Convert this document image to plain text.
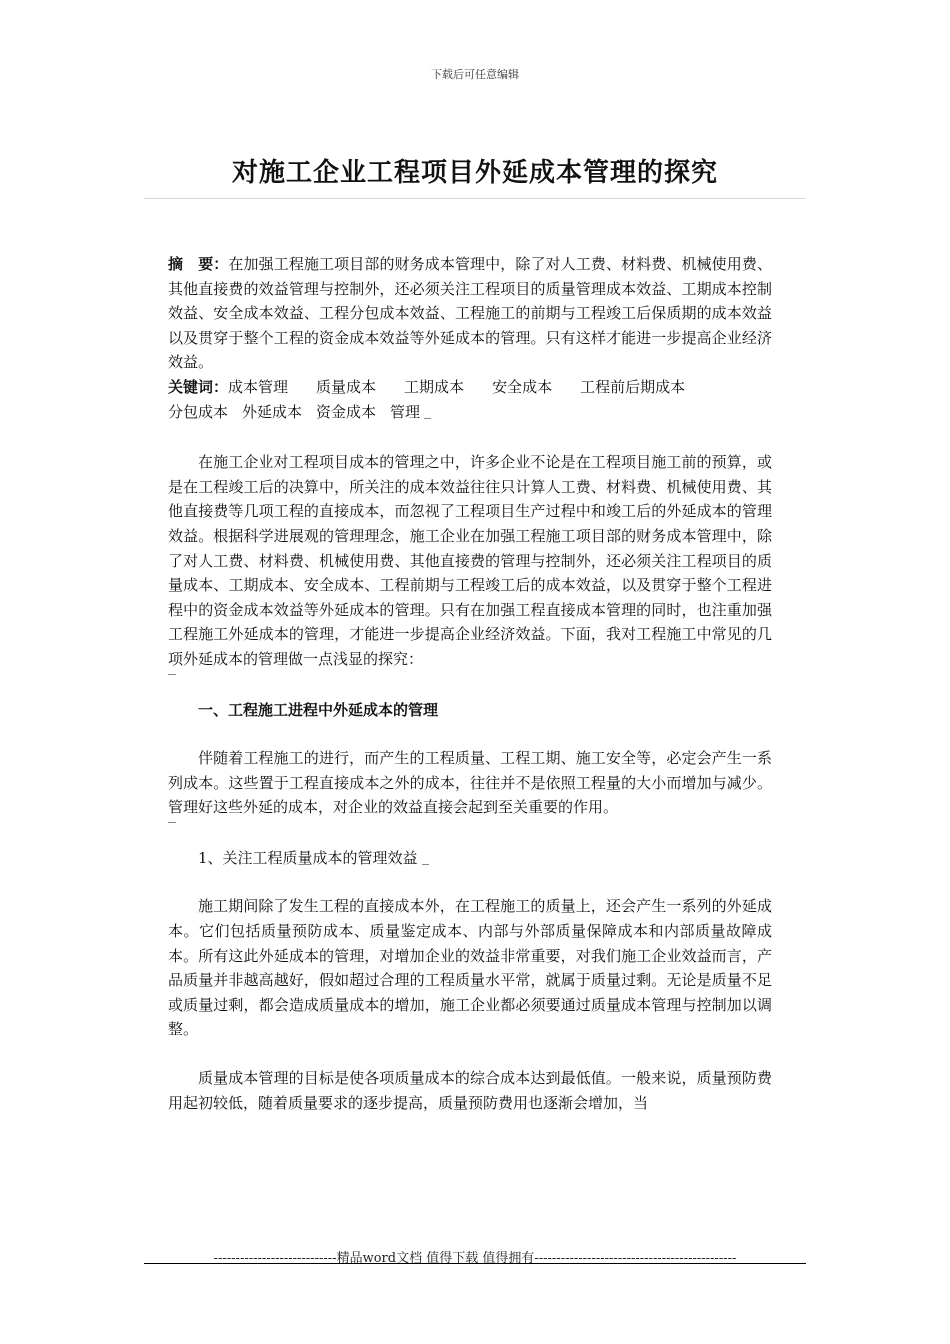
下载后可任意编辑
对施工企业工程项目外延成本管理的探究

摘　要：在加强工程施工项目部的财务成本管理中，除了对人工费、材料费、机械使用费、其他直接费的效益管理与控制外，还必须关注工程项目的质量管理成本效益、工期成本控制效益、安全成本效益、工程分包成本效益、工程施工的前期与工程竣工后保质期的成本效益以及贯穿于整个工程的资金成本效益等外延成本的管理。只有这样才能进一步提高企业经济效益。

关键词：成本管理 质量成本 工期成本 安全成本 工程前后期成本
分包成本 外延成本 资金成本 管理

在施工企业对工程项目成本的管理之中，许多企业不论是在工程项目施工前的预算，或是在工程竣工后的决算中，所关注的成本效益往往只计算人工费、材料费、机械使用费、其他直接费等几项工程的直接成本，而忽视了工程项目生产过程中和竣工后的外延成本的管理效益。根据科学进展观的管理理念，施工企业在加强工程施工项目部的财务成本管理中，除了对人工费、材料费、机械使用费、其他直接费的管理与控制外，还必须关注工程项目的质量成本、工期成本、安全成本、工程前期与工程竣工后的成本效益，以及贯穿于整个工程进程中的资金成本效益等外延成本的管理。只有在加强工程直接成本管理的同时，也注重加强工程施工外延成本的管理，才能进一步提高企业经济效益。下面，我对工程施工中常见的几项外延成本的管理做一点浅显的探究：

一、工程施工进程中外延成本的管理

伴随着工程施工的进行，而产生的工程质量、工程工期、施工安全等，必定会产生一系列成本。这些置于工程直接成本之外的成本，往往并不是依照工程量的大小而增加与减少。管理好这些外延的成本，对企业的效益直接会起到至关重要的作用。

1、关注工程质量成本的管理效益

施工期间除了发生工程的直接成本外，在工程施工的质量上，还会产生一系列的外延成本。它们包括质量预防成本、质量鉴定成本、内部与外部质量保障成本和内部质量故障成本。所有这此外延成本的管理，对增加企业的效益非常重要，对我们施工企业效益而言，产品质量并非越高越好，假如超过合理的工程质量水平常，就属于质量过剩。无论是质量不足或质量过剩，都会造成质量成本的增加，施工企业都必须要通过质量成本管理与控制加以调整。

质量成本管理的目标是使各项质量成本的综合成本达到最低值。一般来说，质量预防费用起初较低，随着质量要求的逐步提高，质量预防费用也逐渐会增加，当

----------------------------精品word文档 值得下载 值得拥有----------------------------------------------
